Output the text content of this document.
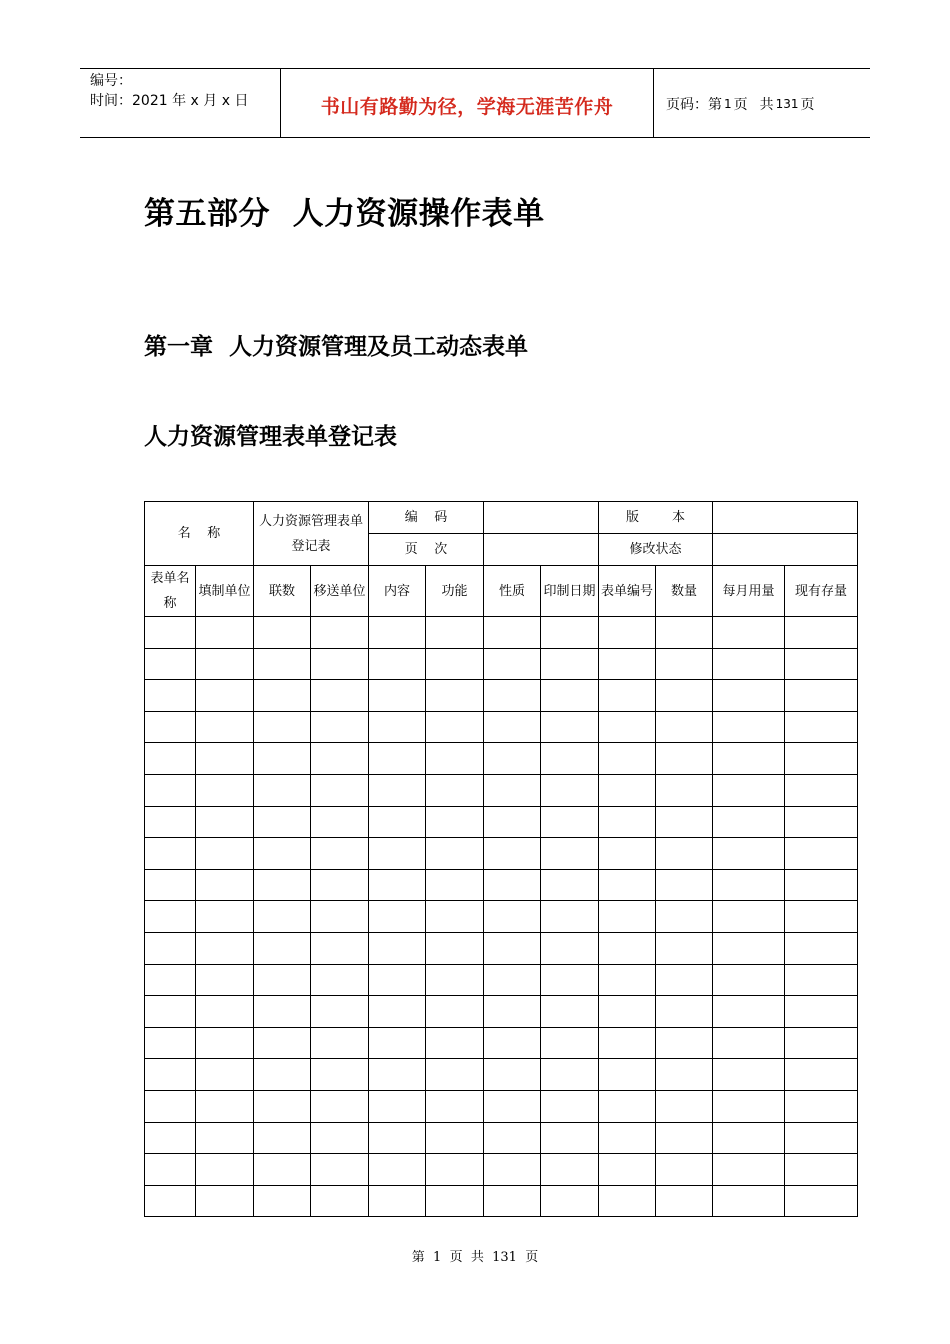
编号：
时间：2021 年 x 月 x 日	书山有路勤为径，学海无涯苦作舟	页码：第 1 页 共 131 页
第五部分  人力资源操作表单
第一章  人力资源管理及员工动态表单
人力资源管理表单登记表
名    称		人力资源管理表单登记表		编    码				版        本			
				页    次				修改状态			
表单名称	填制单位	联数	移送单位	内容	功能	性质	印制日期	表单编号	数量	每月用量	现有存量

第  1  页  共  131  页
